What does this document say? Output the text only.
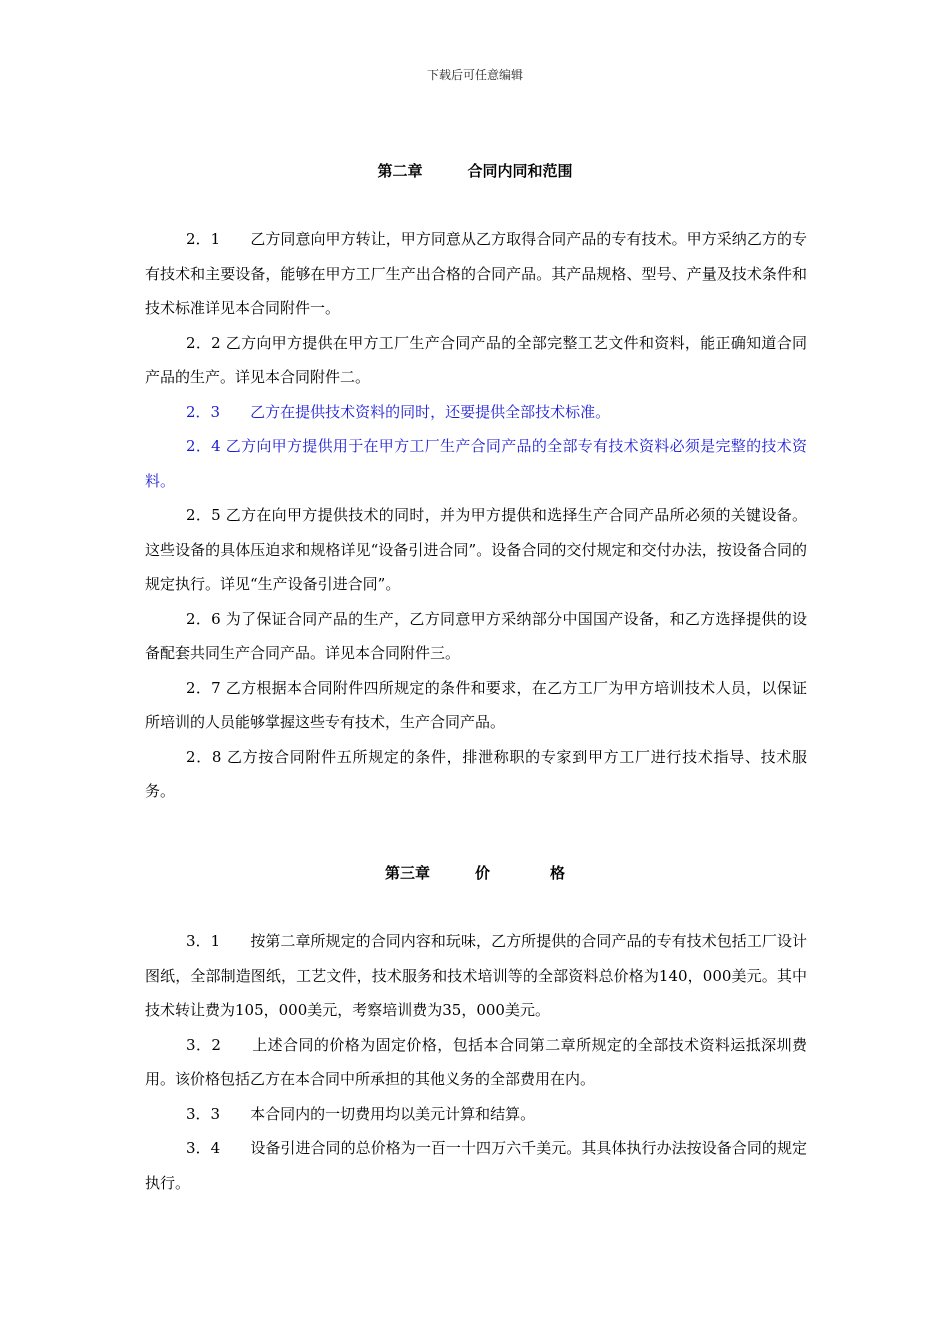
下载后可任意编辑
第二章　　　合同内同和范围

2．1　　乙方同意向甲方转让，甲方同意从乙方取得合同产品的专有技术。甲方采纳乙方的专有技术和主要设备，能够在甲方工厂生产出合格的合同产品。其产品规格、型号、产量及技术条件和技术标准详见本合同附件一。

2．2 乙方向甲方提供在甲方工厂生产合同产品的全部完整工艺文件和资料，能正确知道合同产品的生产。详见本合同附件二。

2．3　　乙方在提供技术资料的同时，还要提供全部技术标准。

2．4 乙方向甲方提供用于在甲方工厂生产合同产品的全部专有技术资料必须是完整的技术资料。

2．5 乙方在向甲方提供技术的同时，并为甲方提供和选择生产合同产品所必须的关键设备。这些设备的具体压迫求和规格详见“设备引进合同”。设备合同的交付规定和交付办法，按设备合同的规定执行。详见“生产设备引进合同”。

2．6 为了保证合同产品的生产，乙方同意甲方采纳部分中国国产设备，和乙方选择提供的设备配套共同生产合同产品。详见本合同附件三。

2．7 乙方根据本合同附件四所规定的条件和要求，在乙方工厂为甲方培训技术人员，以保证所培训的人员能够掌握这些专有技术，生产合同产品。

2．8 乙方按合同附件五所规定的条件，排泄称职的专家到甲方工厂进行技术指导、技术服务。

第三章　　　价　　　　格

3．1　　按第二章所规定的合同内容和玩味，乙方所提供的合同产品的专有技术包括工厂设计图纸，全部制造图纸，工艺文件，技术服务和技术培训等的全部资料总价格为140，000美元。其中技术转让费为105，000美元，考察培训费为35，000美元。

3．2　　上述合同的价格为固定价格，包括本合同第二章所规定的全部技术资料运抵深圳费用。该价格包括乙方在本合同中所承担的其他义务的全部费用在内。

3．3　　本合同内的一切费用均以美元计算和结算。

3．4　　设备引进合同的总价格为一百一十四万六千美元。其具体执行办法按设备合同的规定执行。
